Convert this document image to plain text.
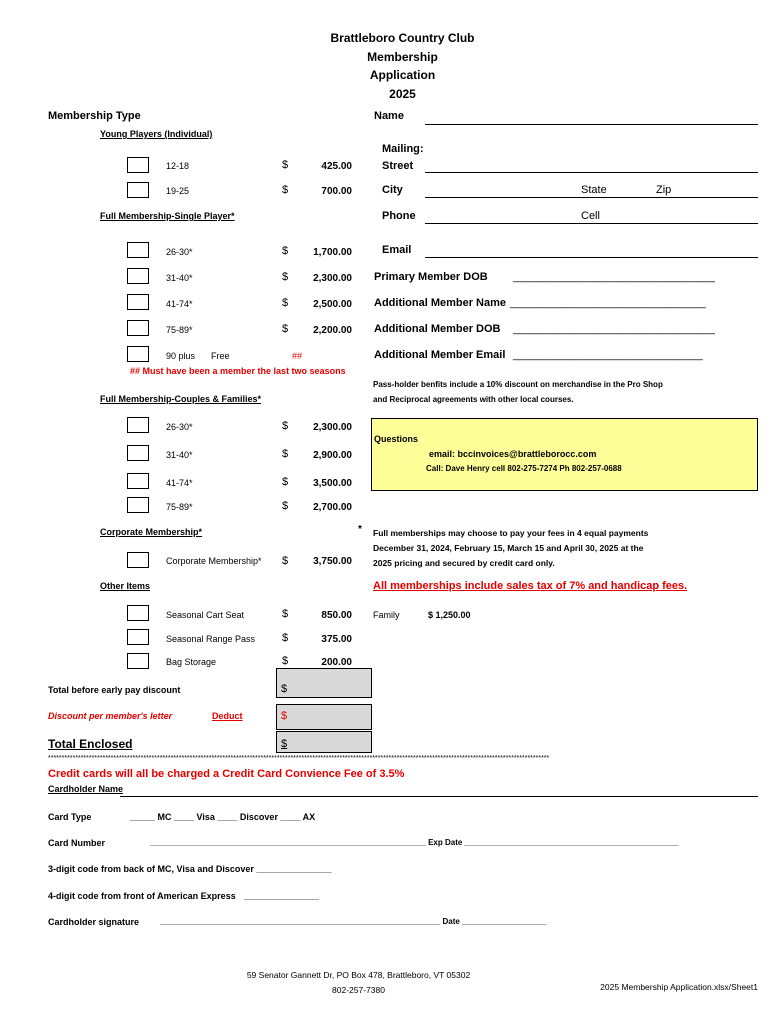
Brattleboro Country Club
Membership
Application
2025
Membership Type
Young Players (Individual)
12-18	$	425.00
19-25	$	700.00
Full Membership-Single Player*
26-30*	$	1,700.00
31-40*	$	2,300.00
41-74*	$	2,500.00
75-89*	$	2,200.00
90 plus Free	##
## Must have been a member the last two seasons
Full Membership-Couples & Families*
26-30*	$	2,300.00
31-40*	$	2,900.00
41-74*	$	3,500.00
75-89*	$	2,700.00
Corporate Membership*
Corporate Membership* $	3,750.00
Other Items
Seasonal Cart Seat	$	850.00
Seasonal Range Pass $	375.00
Bag Storage	$	200.00
Total before early pay discount	$
Discount per member's letter	Deduct	$
Total Enclosed	$
Name
Mailing:
Street
City	State	Zip
Phone	Cell
Email
Primary Member DOB _________________________________
Additional Member Name ________________________________
Additional Member DOB _________________________________
Additional Member Email _______________________________
Pass-holder benfits include a 10% discount on merchandise in the Pro Shop
and Reciprocal agreements with other local courses.
Questions
email: bccinvoices@brattleborocc.com
Call: Dave Henry cell 802-275-7274 Ph 802-257-0688
* Full memberships may choose to pay your fees in 4 equal payments
December 31, 2024, February 15, March 15 and April 30, 2025 at the
2025 pricing and secured by credit card only.
All memberships include sales tax of 7% and handicap fees.
Family	$ 1,250.00
****************************************************************************************************************************************************************************************
Credit cards will all be charged a Credit Card Convience Fee of 3.5%
Cardholder Name
Card Type	_____ MC ____ Visa ____ Discover ____ AX
Card Number	______________________________________________________________ Exp Date ________________________________________________
3-digit code from back of MC, Visa and Discover _______________
4-digit code from front of American Express _______________
Cardholder signature	_______________________________________________________________ Date ___________________
59 Senator Gannett Dr, PO Box 478, Brattleboro, VT 05302
802-257-7380	2025 Membership Application.xlsx/Sheet1
